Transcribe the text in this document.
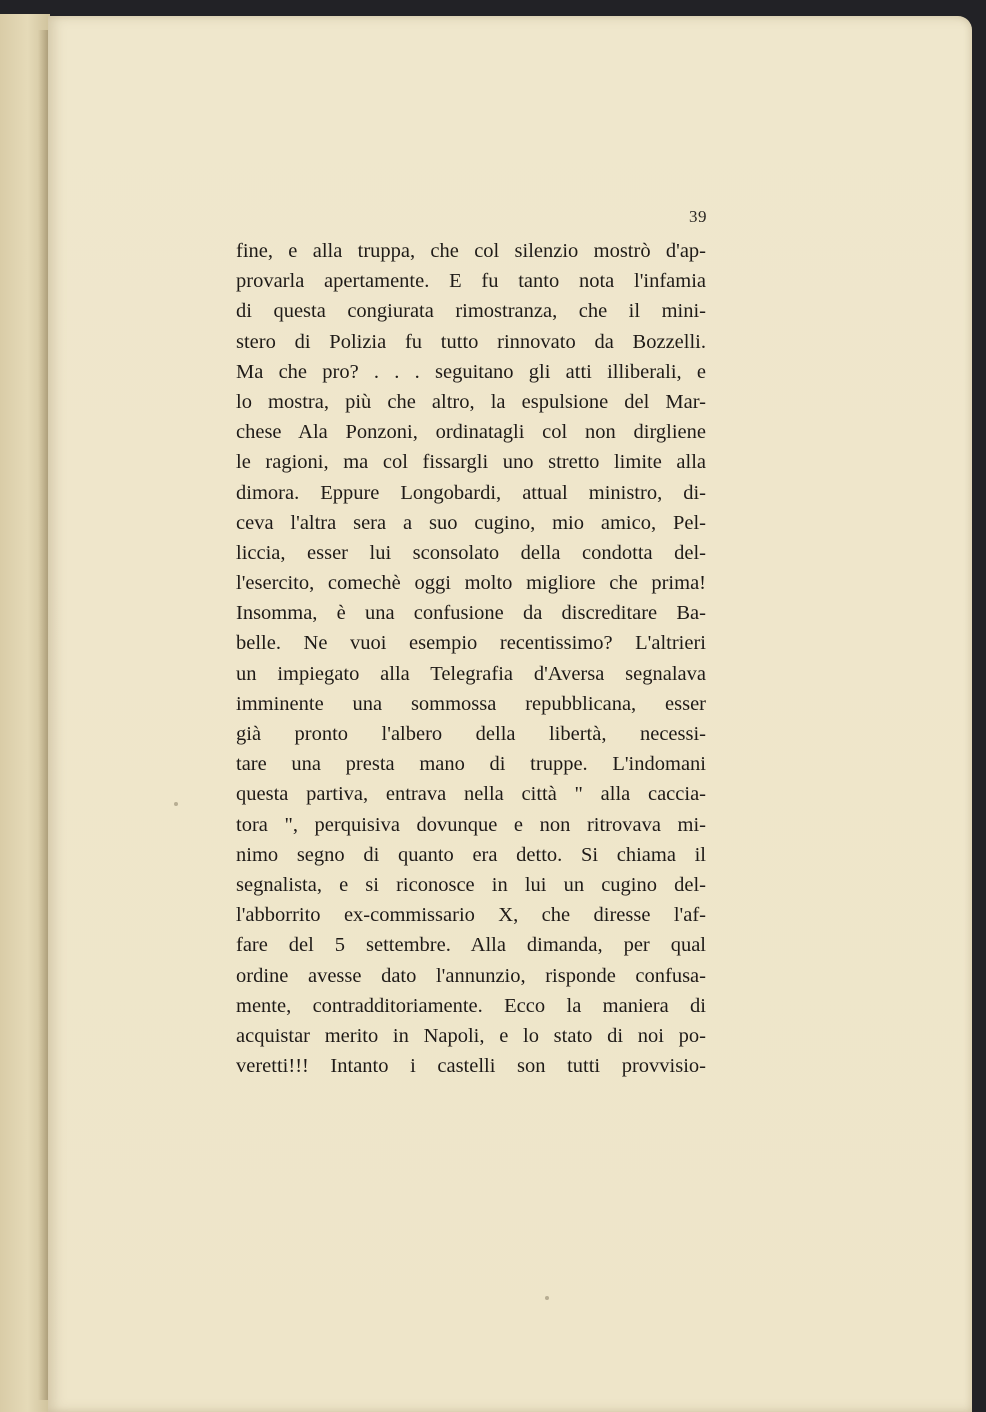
39
fine, e alla truppa, che col silenzio mostrò d'ap-
provarla apertamente. E fu tanto nota l'infamia
di questa congiurata rimostranza, che il mini-
stero di Polizia fu tutto rinnovato da Bozzelli.
Ma che pro? . . . seguitano gli atti illiberali, e
lo mostra, più che altro, la espulsione del Mar-
chese Ala Ponzoni, ordinatagli col non dirgliene
le ragioni, ma col fissargli uno stretto limite alla
dimora. Eppure Longobardi, attual ministro, di-
ceva l'altra sera a suo cugino, mio amico, Pel-
liccia, esser lui sconsolato della condotta del-
l'esercito, comechè oggi molto migliore che prima!
Insomma, è una confusione da discreditare Ba-
belle. Ne vuoi esempio recentissimo? L'altrieri
un impiegato alla Telegrafia d'Aversa segnalava
imminente una sommossa repubblicana, esser
già pronto l'albero della libertà, necessi-
tare una presta mano di truppe. L'indomani
questa partiva, entrava nella città " alla caccia-
tora ", perquisiva dovunque e non ritrovava mi-
nimo segno di quanto era detto. Si chiama il
segnalista, e si riconosce in lui un cugino del-
l'abborrito ex-commissario X, che diresse l'af-
fare del 5 settembre. Alla dimanda, per qual
ordine avesse dato l'annunzio, risponde confusa-
mente, contradditoriamente. Ecco la maniera di
acquistar merito in Napoli, e lo stato di noi po-
veretti!!! Intanto i castelli son tutti provvisio-
